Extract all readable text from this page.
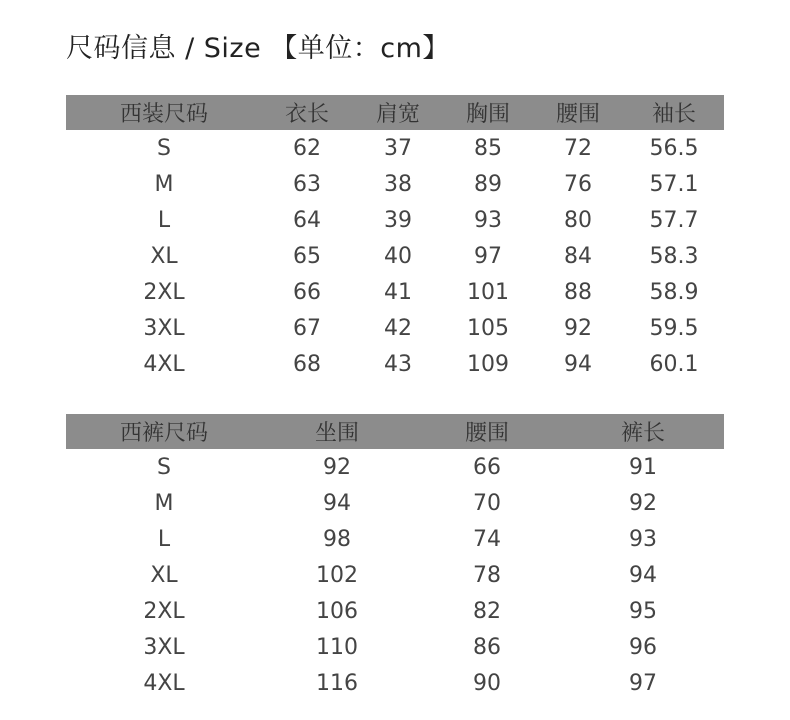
尺码信息 / Size 【单位：cm】
西装尺码	衣长	肩宽	胸围	腰围	袖长
S	62	37	85	72	56.5
M	63	38	89	76	57.1
L	64	39	93	80	57.7
XL	65	40	97	84	58.3
2XL	66	41	101	88	58.9
3XL	67	42	105	92	59.5
4XL	68	43	109	94	60.1
西裤尺码	坐围	腰围	裤长
S	92	66	91
M	94	70	92
L	98	74	93
XL	102	78	94
2XL	106	82	95
3XL	110	86	96
4XL	116	90	97
